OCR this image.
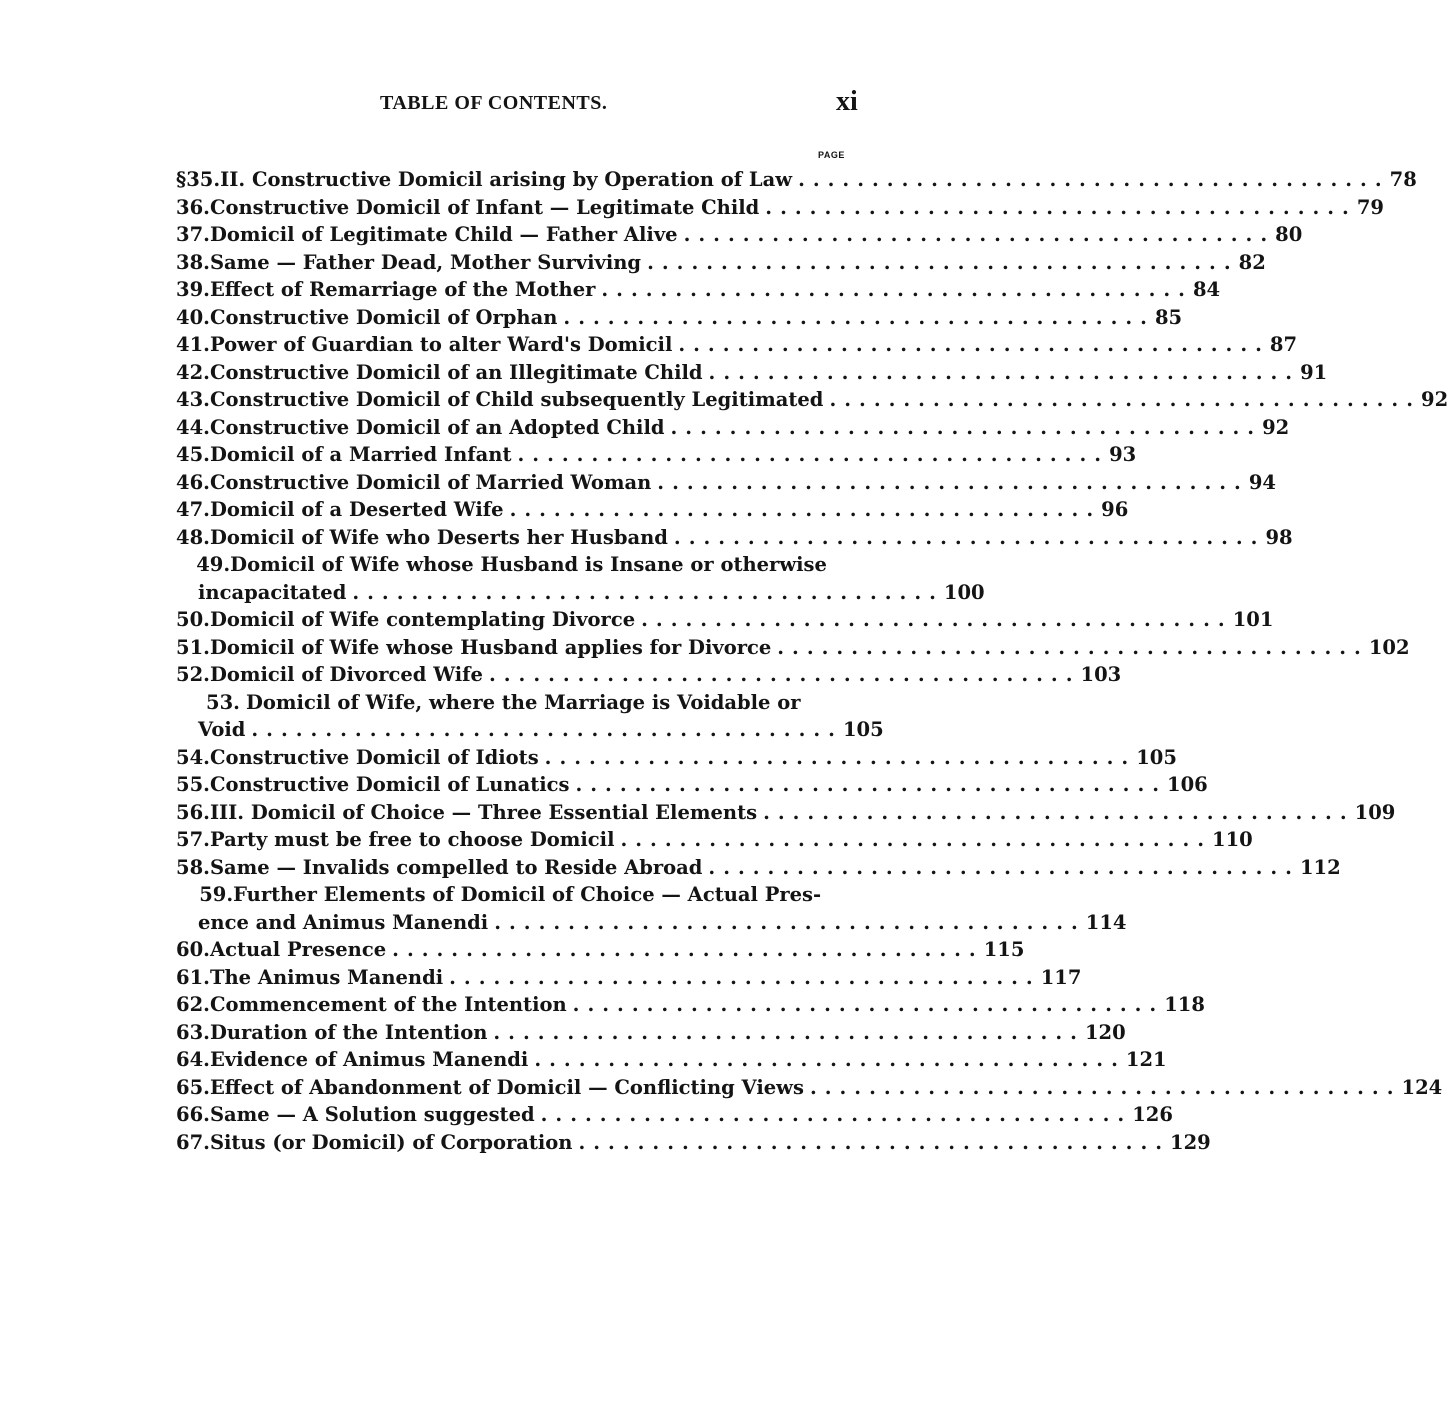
TABLE OF CONTENTS.	xi
PAGE
§ 35. II. Constructive Domicil arising by Operation of Law ........................................ 78
36. Constructive Domicil of Infant — Legitimate Child ........................................ 79
37. Domicil of Legitimate Child — Father Alive ........................................ 80
38. Same — Father Dead, Mother Surviving ........................................ 82
39. Effect of Remarriage of the Mother ........................................ 84
40. Constructive Domicil of Orphan ........................................ 85
41. Power of Guardian to alter Ward's Domicil ........................................ 87
42. Constructive Domicil of an Illegitimate Child ........................................ 91
43. Constructive Domicil of Child subsequently Legitimated ........................................ 92
44. Constructive Domicil of an Adopted Child ........................................ 92
45. Domicil of a Married Infant ........................................ 93
46. Constructive Domicil of Married Woman ........................................ 94
47. Domicil of a Deserted Wife ........................................ 96
48. Domicil of Wife who Deserts her Husband ........................................ 98
49. Domicil of Wife whose Husband is Insane or otherwise
incapacitated ........................................ 100
50. Domicil of Wife contemplating Divorce ........................................ 101
51. Domicil of Wife whose Husband applies for Divorce ........................................ 102
52. Domicil of Divorced Wife ........................................ 103
53. Domicil of Wife, where the Marriage is Voidable or
Void ........................................ 105
54. Constructive Domicil of Idiots ........................................ 105
55. Constructive Domicil of Lunatics ........................................ 106
56. III. Domicil of Choice — Three Essential Elements ........................................ 109
57. Party must be free to choose Domicil ........................................ 110
58. Same — Invalids compelled to Reside Abroad ........................................ 112
59. Further Elements of Domicil of Choice — Actual Pres-
ence and Animus Manendi ........................................ 114
60. Actual Presence ........................................ 115
61. The Animus Manendi ........................................ 117
62. Commencement of the Intention ........................................ 118
63. Duration of the Intention ........................................ 120
64. Evidence of Animus Manendi ........................................ 121
65. Effect of Abandonment of Domicil — Conflicting Views ........................................ 124
66. Same — A Solution suggested ........................................ 126
67. Situs (or Domicil) of Corporation ........................................ 129
